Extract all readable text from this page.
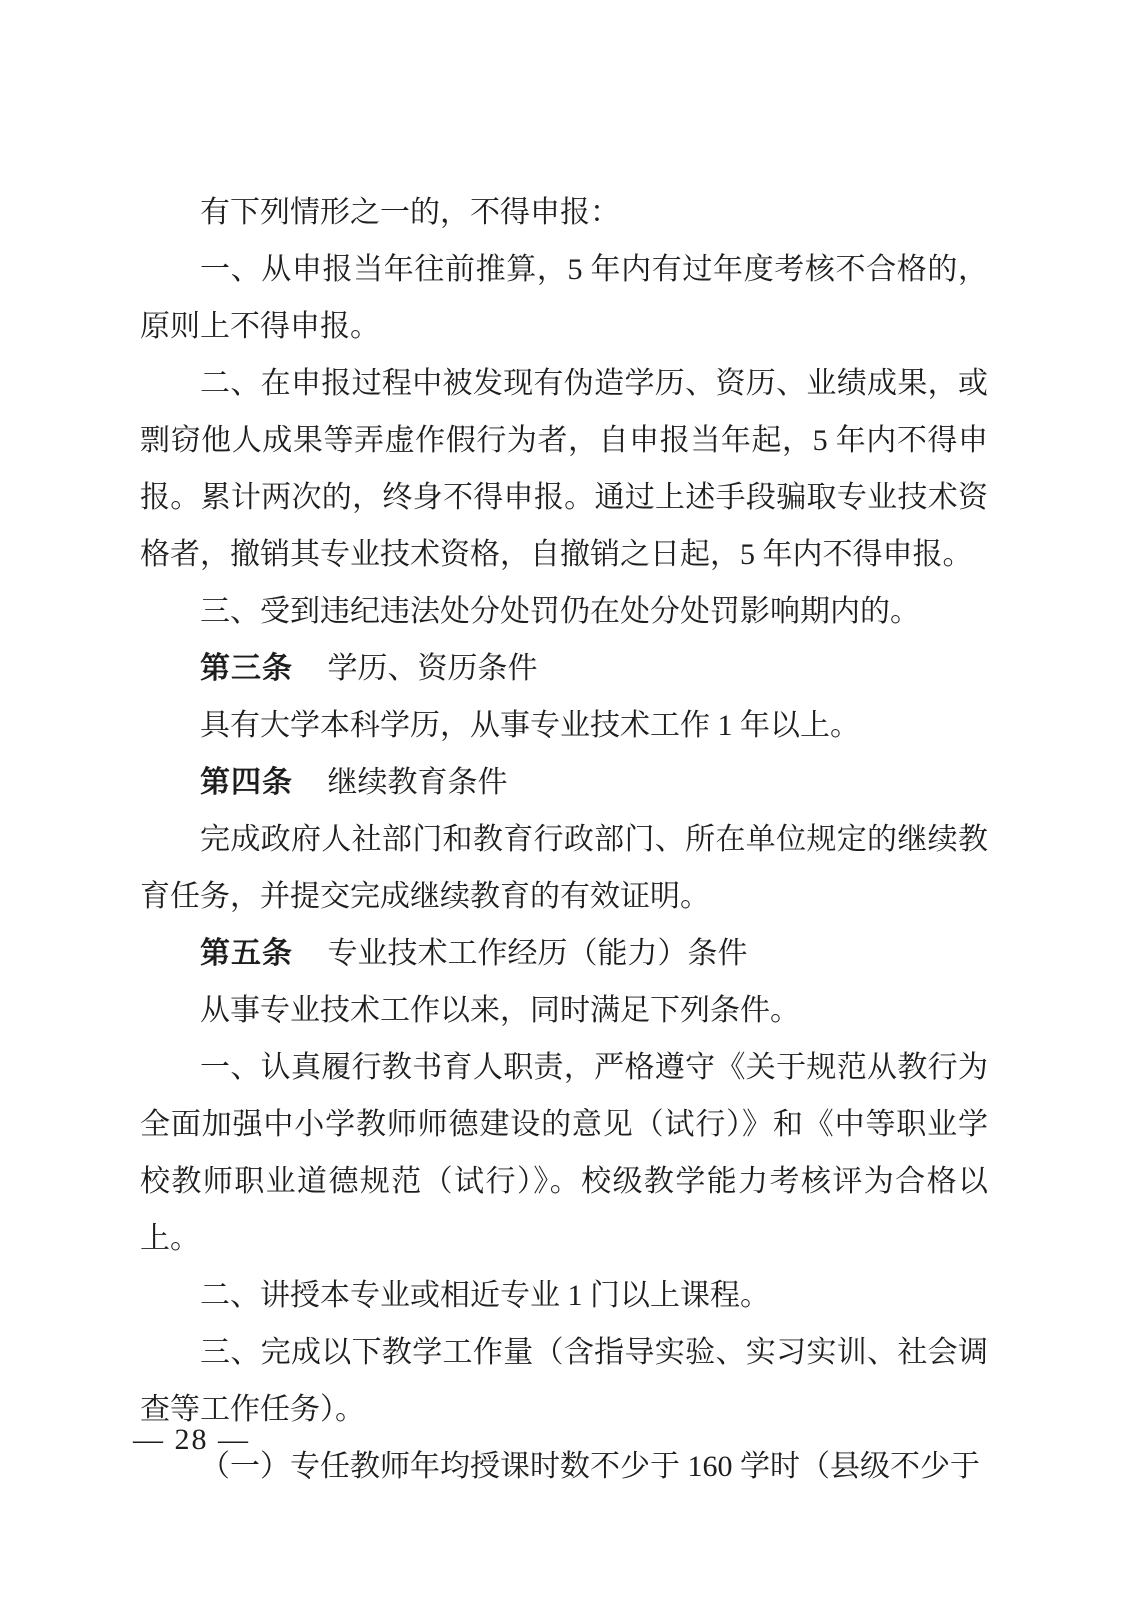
有下列情形之一的，不得申报：

一、从申报当年往前推算，5 年内有过年度考核不合格的，原则上不得申报。

二、在申报过程中被发现有伪造学历、资历、业绩成果，或剽窃他人成果等弄虚作假行为者，自申报当年起，5 年内不得申报。累计两次的，终身不得申报。通过上述手段骗取专业技术资格者，撤销其专业技术资格，自撤销之日起，5 年内不得申报。

三、受到违纪违法处分处罚仍在处分处罚影响期内的。

第三条 学历、资历条件

具有大学本科学历，从事专业技术工作 1 年以上。

第四条 继续教育条件

完成政府人社部门和教育行政部门、所在单位规定的继续教育任务，并提交完成继续教育的有效证明。

第五条 专业技术工作经历（能力）条件

从事专业技术工作以来，同时满足下列条件。

一、认真履行教书育人职责，严格遵守《关于规范从教行为全面加强中小学教师师德建设的意见（试行）》和《中等职业学校教师职业道德规范（试行）》。校级教学能力考核评为合格以上。

二、讲授本专业或相近专业 1 门以上课程。

三、完成以下教学工作量（含指导实验、实习实训、社会调查等工作任务）。

（一）专任教师年均授课时数不少于 160 学时（县级不少于

— 28 —
